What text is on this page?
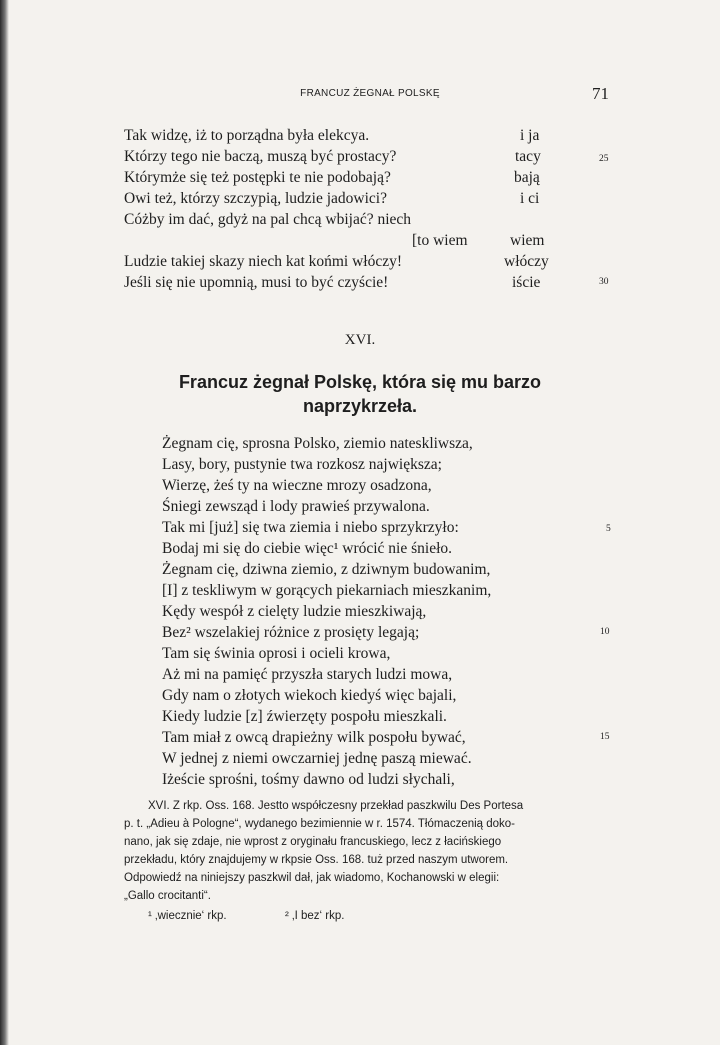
FRANCUZ ŻEGNAŁ POLSKĘ	71
Tak widzę, iż to porządna była elekcya.
Którzy tego nie baczą, muszą być prostacy?
Którymże się też postępki te nie podobają?
Owi też, którzy szczypią, ludzie jadowici?
Cóżby im dać, gdyż na pal chcą wbijać? niech
[to wiem
Ludzie takiej skazy niech kat końmi włóczy!
Jeśli się nie upomnią, musi to być czyście!
i ja
tacy
bają
i ci
wiem
włóczy
iście
25
30
XVI.
Francuz żegnał Polskę, która się mu barzo
naprzykrzeła.
Żegnam cię, sprosna Polsko, ziemio nateskliwsza,
Lasy, bory, pustynie twa rozkosz największa;
Wierzę, żeś ty na wieczne mrozy osadzona,
Śniegi zewsząd i lody prawieś przywalona.
Tak mi [już] się twa ziemia i niebo sprzykrzyło:
Bodaj mi się do ciebie więc¹ wrócić nie śnieło.
Żegnam cię, dziwna ziemio, z dziwnym budowanim,
[I] z teskliwym w gorących piekarniach mieszkanim,
Kędy wespół z cielęty ludzie mieszkiwają,
Bez² wszelakiej różnice z prosięty legają;
Tam się świnia oprosi i ocieli krowa,
Aż mi na pamięć przyszła starych ludzi mowa,
Gdy nam o złotych wiekoch kiedyś więc bajali,
Kiedy ludzie [z] źwierzęty pospołu mieszkali.
Tam miał z owcą drapieżny wilk pospołu bywać,
W jednej z niemi owczarniej jednę paszą miewać.
Iżeście sprośni, tośmy dawno od ludzi słychali,
5
10
15
XVI. Z rkp. Oss. 168. Jestto współczesny przekład paszkwilu Des Portesa
p. t. „Adieu à Pologne“, wydanego bezimiennie w r. 1574. Tłómaczenią doko-
nano, jak się zdaje, nie wprost z oryginału francuskiego, lecz z łacińskiego
przekładu, który znajdujemy w rkpsie Oss. 168. tuż przed naszym utworem.
Odpowiedź na niniejszy paszkwil dał, jak wiadomo, Kochanowski w elegii:
„Gallo crocitanti“.
¹ ‚wiecznie‘ rkp.	² ‚I bez‘ rkp.
